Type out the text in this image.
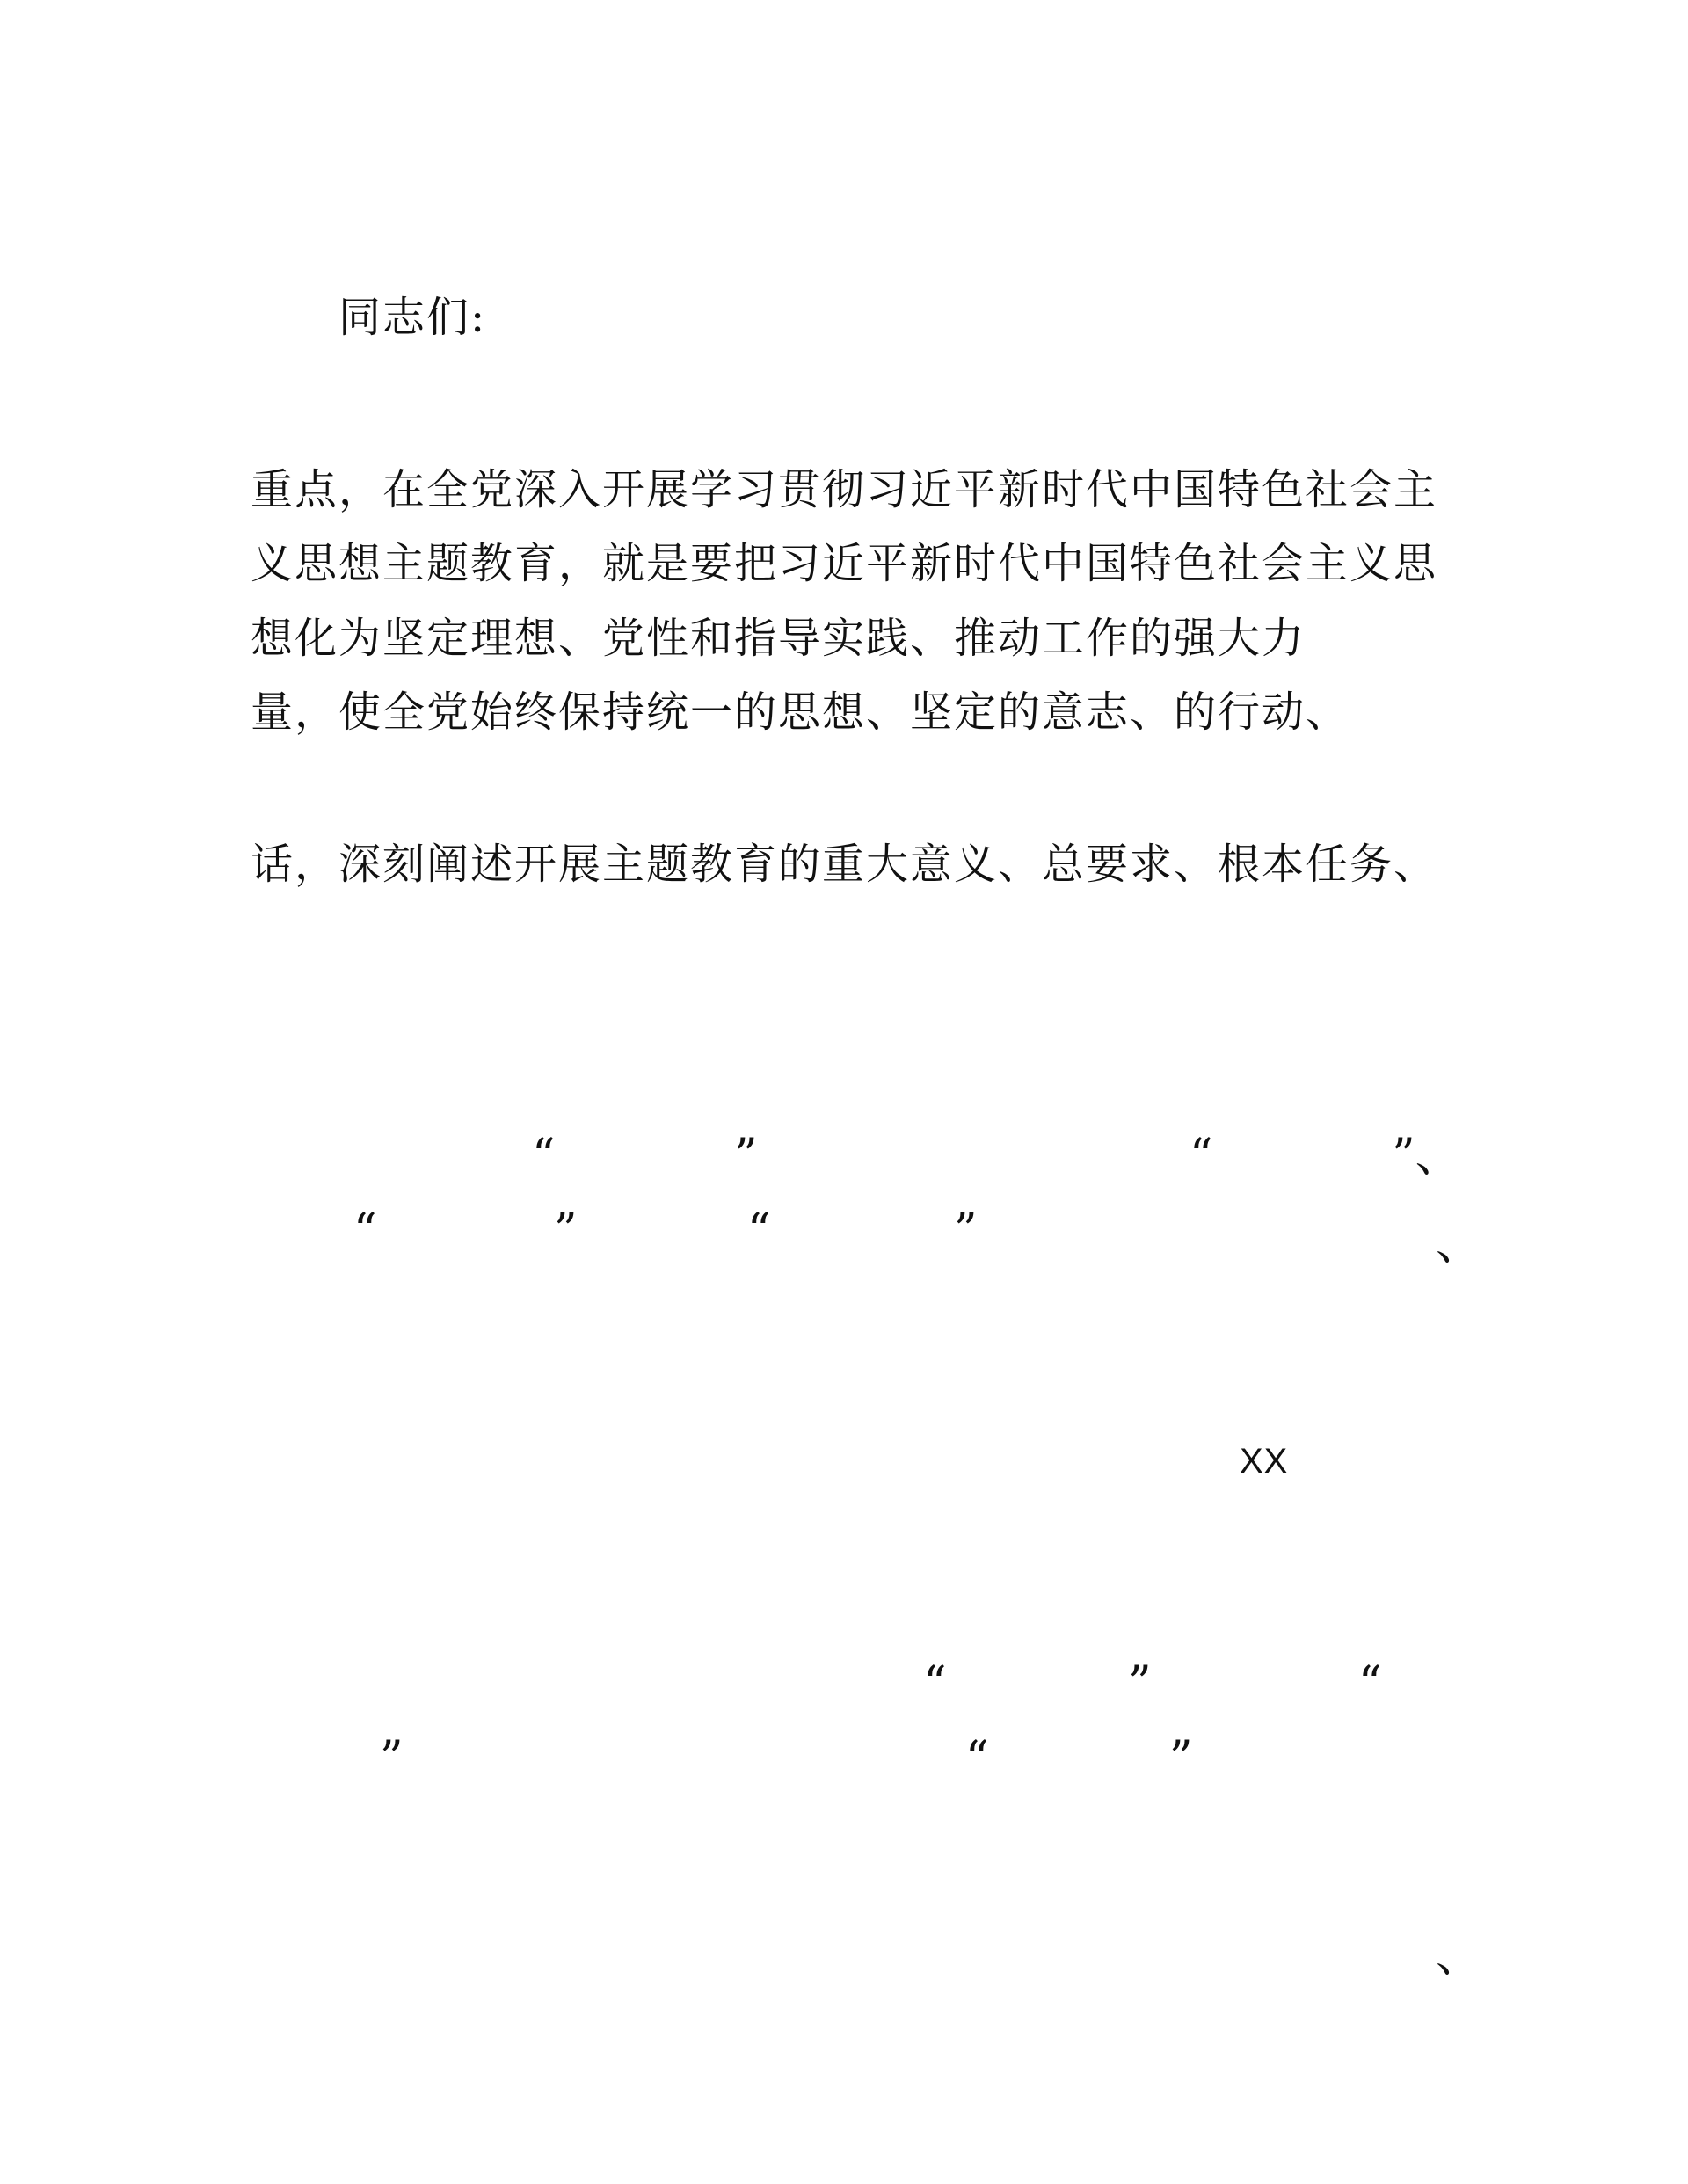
同志们:
重点，在全党深入开展学习贯彻习近平新时代中国特色社会主
义思想主题教育，就是要把习近平新时代中国特色社会主义思
想化为坚定理想、党性和指导实践、推动工作的强大力
量，使全党始终保持统一的思想、坚定的意志、的行动、
话，深刻阐述开展主题教育的重大意义、总要求、根本任务、
“	”	“	”、
“	”	“	”	、
XX
“	”	“
”	“	”
、
